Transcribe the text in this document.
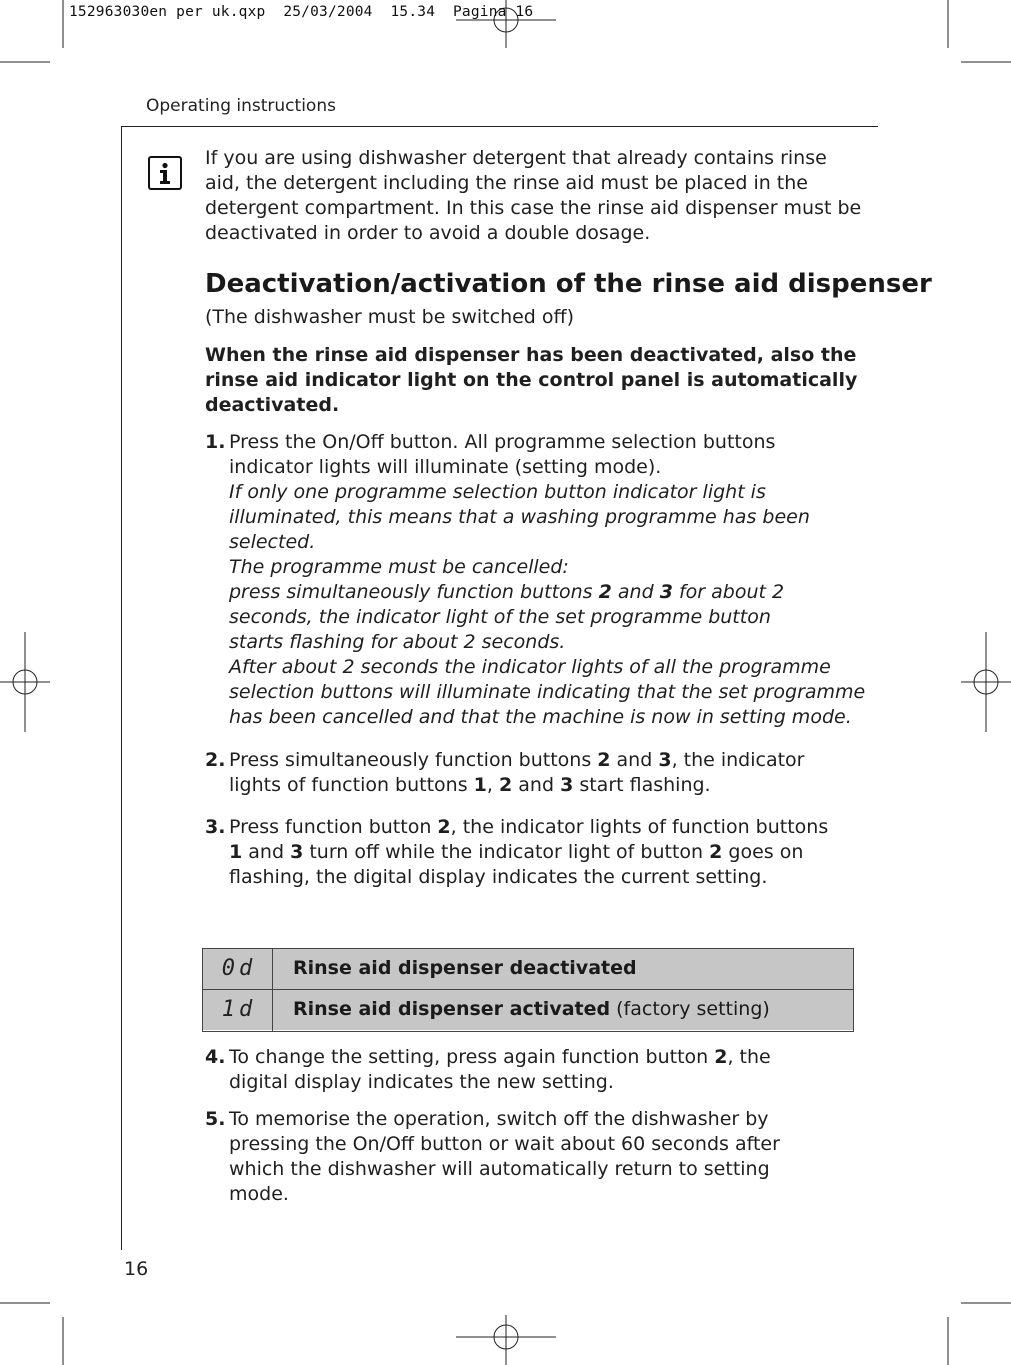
152963030en per uk.qxp  25/03/2004  15.34  Pagina 16
Operating instructions
If you are using dishwasher detergent that already contains rinse aid, the detergent including the rinse aid must be placed in the detergent compartment. In this case the rinse aid dispenser must be deactivated in order to avoid a double dosage.
Deactivation/activation of the rinse aid dispenser
(The dishwasher must be switched off)
When the rinse aid dispenser has been deactivated, also the rinse aid indicator light on the control panel is automatically deactivated.
1. Press the On/Off button. All programme selection buttons indicator lights will illuminate (setting mode).
If only one programme selection button indicator light is illuminated, this means that a washing programme has been selected.
The programme must be cancelled:
press simultaneously function buttons 2 and 3 for about 2 seconds, the indicator light of the set programme button starts flashing for about 2 seconds.
After about 2 seconds the indicator lights of all the programme selection buttons will illuminate indicating that the set programme has been cancelled and that the machine is now in setting mode.
2. Press simultaneously function buttons 2 and 3, the indicator lights of function buttons 1, 2 and 3 start flashing.
3. Press function button 2, the indicator lights of function buttons 1 and 3 turn off while the indicator light of button 2 goes on flashing, the digital display indicates the current setting.
0d	Rinse aid dispenser deactivated
1d	Rinse aid dispenser activated (factory setting)
4. To change the setting, press again function button 2, the digital display indicates the new setting.
5. To memorise the operation, switch off the dishwasher by pressing the On/Off button or wait about 60 seconds after which the dishwasher will automatically return to setting mode.
16
